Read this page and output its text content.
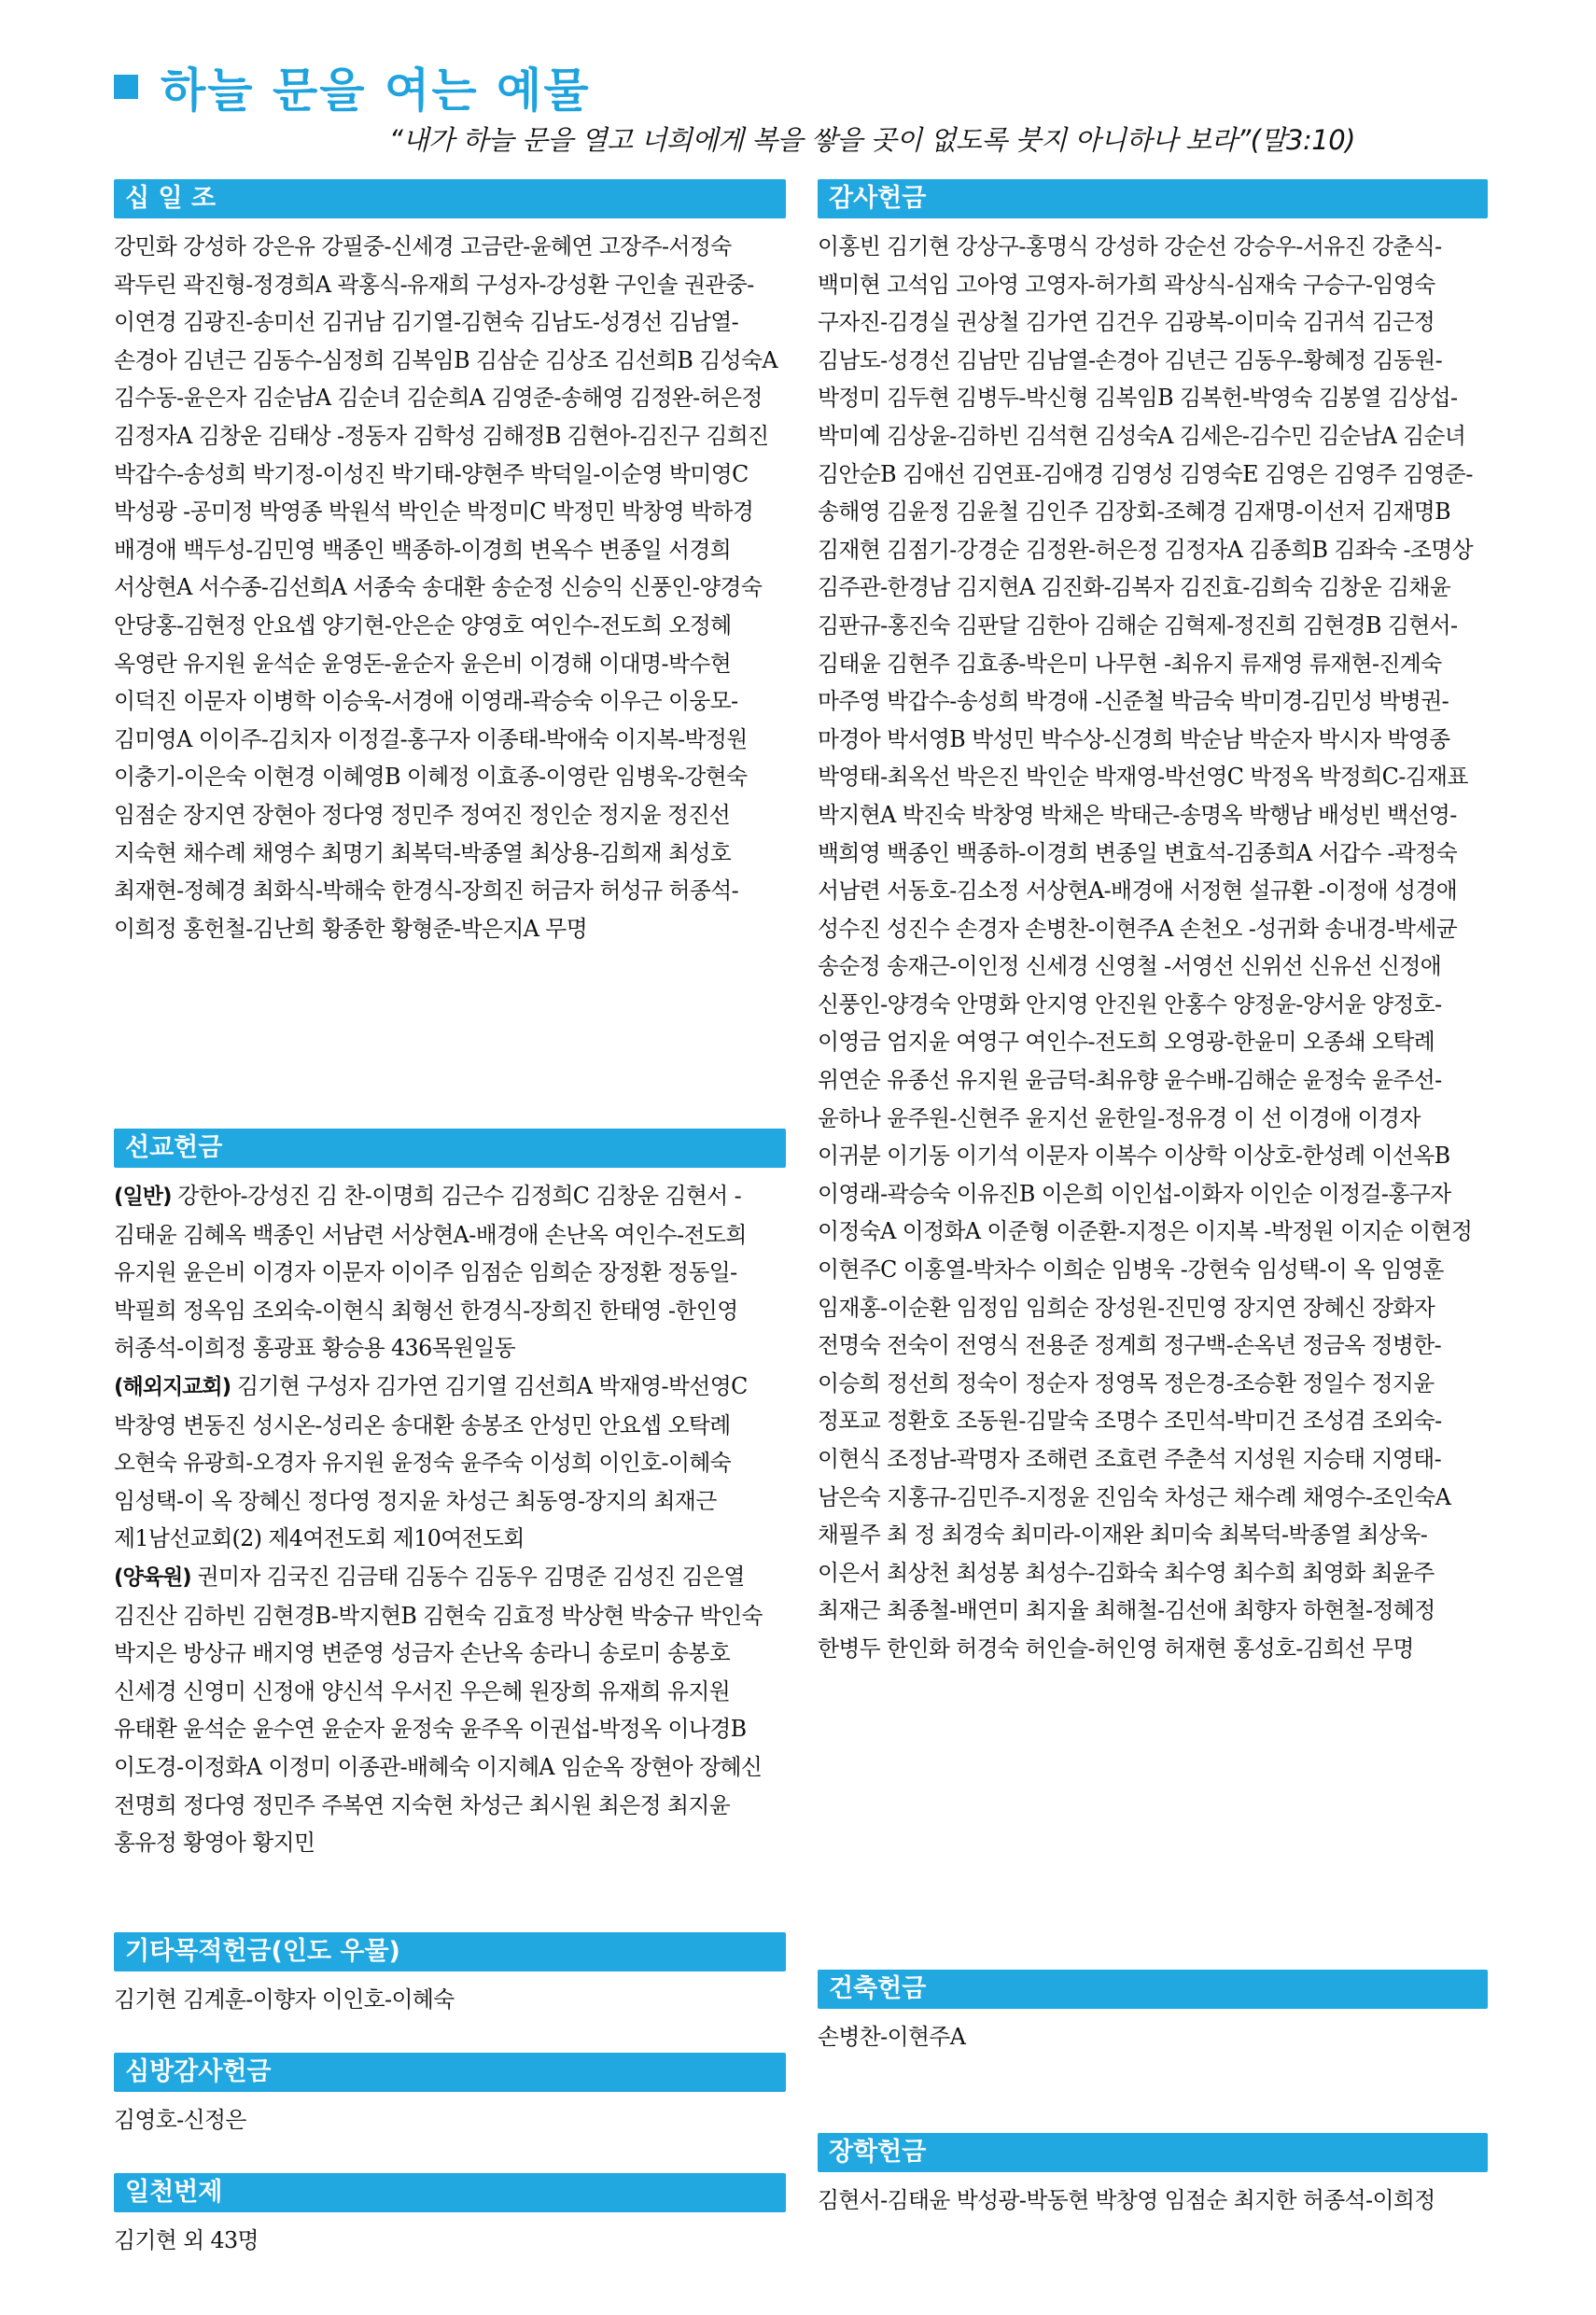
하늘 문을 여는 예물
“내가 하늘 문을 열고 너희에게 복을 쌓을 곳이 없도록 붓지 아니하나 보라”(말3:10)
십 일 조
강민화 강성하 강은유 강필중-신세경 고금란-윤혜연 고장주-서정숙 곽두린 곽진형-정경희A 곽홍식-유재희 구성자-강성환 구인솔 권관중-이연경 김광진-송미선 김귀남 김기열-김현숙 김남도-성경선 김남열-손경아 김년근 김동수-심정희 김복임B 김삼순 김상조 김선희B 김성숙A 김수동-윤은자 김순남A 김순녀 김순희A 김영준-송해영 김정완-허은정 김정자A 김창운 김태상 -정동자 김학성 김해정B 김현아-김진구 김희진 박갑수-송성희 박기정-이성진 박기태-양현주 박덕일-이순영 박미영C 박성광 -공미정 박영종 박원석 박인순 박정미C 박정민 박창영 박하경 배경애 백두성-김민영 백종인 백종하-이경희 변옥수 변종일 서경희 서상현A 서수종-김선희A 서종숙 송대환 송순정 신승익 신풍인-양경숙 안당홍-김현정 안요셉 양기현-안은순 양영호 여인수-전도희 오정혜 옥영란 유지원 윤석순 윤영돈-윤순자 윤은비 이경해 이대명-박수현 이덕진 이문자 이병학 이승욱-서경애 이영래-곽승숙 이우근 이웅모-김미영A 이이주-김치자 이정걸-홍구자 이종태-박애숙 이지복-박정원 이충기-이은숙 이현경 이혜영B 이혜정 이효종-이영란 임병욱-강현숙 임점순 장지연 장현아 정다영 정민주 정여진 정인순 정지윤 정진선 지숙현 채수례 채영수 최명기 최복덕-박종열 최상용-김희재 최성호 최재현-정혜경 최화식-박해숙 한경식-장희진 허금자 허성규 허종석-이희정 홍헌철-김난희 황종한 황형준-박은지A 무명
선교헌금

(일반) 강한아-강성진 김 찬-이명희 김근수 김정희C 김창운 김현서 -김태윤 김혜옥 백종인 서남련 서상현A-배경애 손난옥 여인수-전도희 유지원 윤은비 이경자 이문자 이이주 임점순 임희순 장정환 정동일-박필희 정옥임 조외숙-이현식 최형선 한경식-장희진 한태영 -한인영 허종석-이희정 홍광표 황승용 436목원일동

(해외지교회) 김기현 구성자 김가연 김기열 김선희A 박재영-박선영C 박창영 변동진 성시온-성리온 송대환 송봉조 안성민 안요셉 오탁례 오현숙 유광희-오경자 유지원 윤정숙 윤주숙 이성희 이인호-이혜숙 임성택-이 옥 장혜신 정다영 정지윤 차성근 최동영-장지의 최재근 제1남선교회(2) 제4여전도회 제10여전도회

(양육원) 권미자 김국진 김금태 김동수 김동우 김명준 김성진 김은열 김진산 김하빈 김현경B-박지현B 김현숙 김효정 박상현 박숭규 박인숙 박지은 방상규 배지영 변준영 성금자 손난옥 송라니 송로미 송봉호 신세경 신영미 신정애 양신석 우서진 우은혜 원장희 유재희 유지원 유태환 윤석순 윤수연 윤순자 윤정숙 윤주옥 이권섭-박정옥 이나경B 이도경-이정화A 이정미 이종관-배혜숙 이지혜A 임순옥 장현아 장혜신 전명희 정다영 정민주 주복연 지숙현 차성근 최시원 최은정 최지윤 홍유정 황영아 황지민

기타목적헌금(인도 우물)
김기현 김계훈-이향자 이인호-이혜숙
심방감사헌금
김영호-신정은
일천번제
김기현 외 43명
감사헌금
이홍빈 김기현 강상구-홍명식 강성하 강순선 강승우-서유진 강춘식-백미현 고석임 고아영 고영자-허가희 곽상식-심재숙 구승구-임영숙 구자진-김경실 권상철 김가연 김건우 김광복-이미숙 김귀석 김근정 김남도-성경선 김남만 김남열-손경아 김년근 김동우-황혜정 김동원-박정미 김두현 김병두-박신형 김복임B 김복헌-박영숙 김봉열 김상섭-박미예 김상윤-김하빈 김석현 김성숙A 김세은-김수민 김순남A 김순녀 김안순B 김애선 김연표-김애경 김영성 김영숙E 김영은 김영주 김영준-송해영 김윤정 김윤철 김인주 김장회-조혜경 김재명-이선저 김재명B 김재현 김점기-강경순 김정완-허은정 김정자A 김종희B 김좌숙 -조명상 김주관-한경남 김지현A 김진화-김복자 김진효-김희숙 김창운 김채윤 김판규-홍진숙 김판달 김한아 김해순 김혁제-정진희 김현경B 김현서-김태윤 김현주 김효종-박은미 나무현 -최유지 류재영 류재현-진계숙 마주영 박갑수-송성희 박경애 -신준철 박금숙 박미경-김민성 박병권-마경아 박서영B 박성민 박수상-신경희 박순남 박순자 박시자 박영종 박영태-최옥선 박은진 박인순 박재영-박선영C 박정옥 박정희C-김재표 박지현A 박진숙 박창영 박채은 박태근-송명옥 박행남 배성빈 백선영-백희영 백종인 백종하-이경희 변종일 변효석-김종희A 서갑수 -곽정숙 서남련 서동호-김소정 서상현A-배경애 서정현 설규환 -이정애 성경애 성수진 성진수 손경자 손병찬-이현주A 손천오 -성귀화 송내경-박세균 송순정 송재근-이인정 신세경 신영철 -서영선 신위선 신유선 신정애 신풍인-양경숙 안명화 안지영 안진원 안홍수 양정윤-양서윤 양정호-이영금 엄지윤 여영구 여인수-전도희 오영광-한윤미 오종쇄 오탁례 위연순 유종선 유지원 윤금덕-최유향 윤수배-김해순 윤정숙 윤주선-윤하나 윤주원-신현주 윤지선 윤한일-정유경 이 선 이경애 이경자 이귀분 이기동 이기석 이문자 이복수 이상학 이상호-한성례 이선옥B 이영래-곽승숙 이유진B 이은희 이인섭-이화자 이인순 이정걸-홍구자 이정숙A 이정화A 이준형 이준환-지정은 이지복 -박정원 이지순 이현정 이현주C 이홍열-박차수 이희순 임병욱 -강현숙 임성택-이 옥 임영훈 임재홍-이순환 임정임 임희순 장성원-진민영 장지연 장혜신 장화자 전명숙 전숙이 전영식 전용준 정계희 정구백-손옥년 정금옥 정병한-이승희 정선희 정숙이 정순자 정영목 정은경-조승환 정일수 정지윤 정포교 정환호 조동원-김말숙 조명수 조민석-박미건 조성겸 조외숙-이현식 조정남-곽명자 조해련 조효련 주춘석 지성원 지승태 지영태-남은숙 지홍규-김민주-지정윤 진임숙 차성근 채수례 채영수-조인숙A 채필주 최 정 최경숙 최미라-이재완 최미숙 최복덕-박종열 최상욱-이은서 최상천 최성봉 최성수-김화숙 최수영 최수희 최영화 최윤주 최재근 최종철-배연미 최지율 최해철-김선애 최향자 하현철-정혜정 한병두 한인화 허경숙 허인슬-허인영 허재현 홍성호-김희선 무명
건축헌금
손병찬-이현주A
장학헌금
김현서-김태윤 박성광-박동현 박창영 임점순 최지한 허종석-이희정
